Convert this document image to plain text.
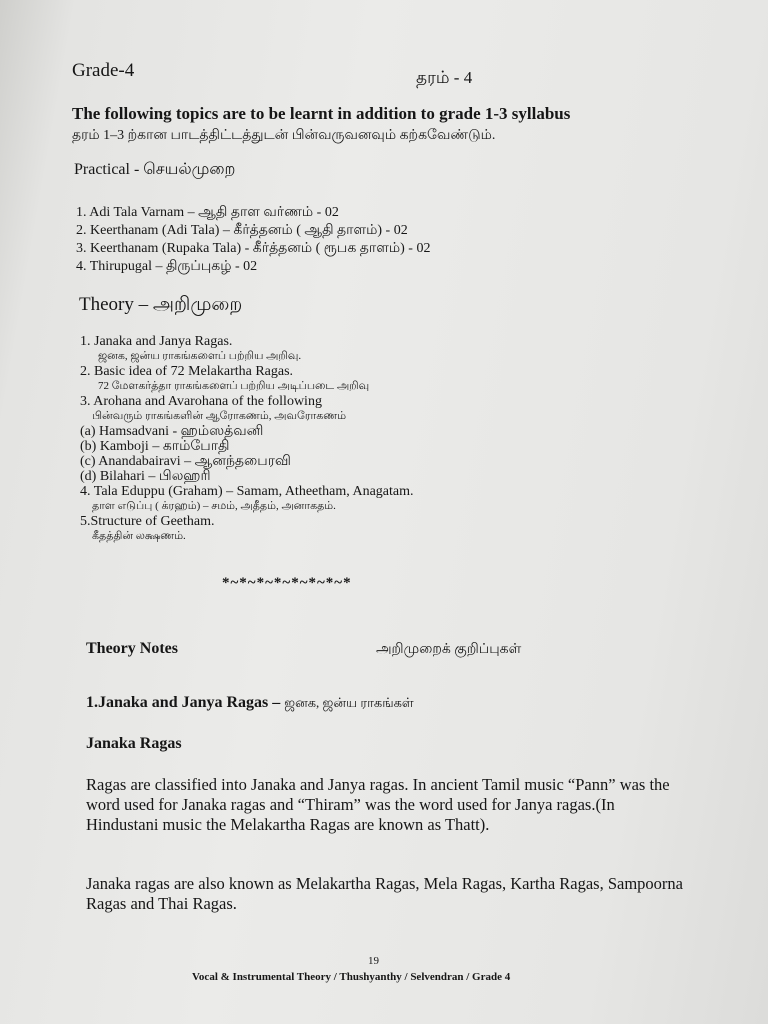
Grade-4	தரம் - 4
The following topics are to be learnt in addition to grade 1-3 syllabus
தரம் 1–3 ற்கான பாடத்திட்டத்துடன் பின்வருவனவும் கற்கவேண்டும்.
Practical - செயல்முறை
1. Adi Tala Varnam – ஆதி தாள வர்ணம் - 02
2. Keerthanam (Adi Tala) – கீர்த்தனம் ( ஆதி தாளம்) - 02
3. Keerthanam (Rupaka Tala) - கீர்த்தனம் ( ரூபக தாளம்) - 02
4. Thirupugal – திருப்புகழ் - 02
Theory – அறிமுறை
1. Janaka and Janya Ragas.
ஜனக, ஜன்ய ராகங்களைப் பற்றிய அறிவு.
2. Basic idea of 72 Melakartha Ragas.
72 மேளகர்த்தா ராகங்களைப் பற்றிய அடிப்படை அறிவு
3. Arohana and Avarohana of the following
பின்வரும் ராகங்களின் ஆரோகணம், அவரோகணம்
(a) Hamsadvani - ஹம்ஸத்வனி
(b) Kamboji – காம்போதி
(c) Anandabairavi – ஆனந்தபைரவி
(d) Bilahari – பிலஹரி
4. Tala Eduppu (Graham) – Samam, Atheetham, Anagatam.
தாள எடுப்பு ( க்ரஹம்) – சமம், அதீதம், அனாகதம்.
5.Structure of Geetham.
கீதத்தின் லக்ஷணம்.
*~*~*~*~*~*~*~*
Theory Notes	அறிமுறைக் குறிப்புகள்
1.Janaka and Janya Ragas – ஜனக, ஜன்ய ராகங்கள்
Janaka Ragas
Ragas are classified into Janaka and Janya ragas. In ancient Tamil music “Pann” was the word used for Janaka ragas and “Thiram” was the word used for Janya ragas.(In Hindustani music the Melakartha Ragas are known as Thatt).
Janaka ragas are also known as Melakartha Ragas, Mela Ragas, Kartha Ragas, Sampoorna Ragas and Thai Ragas.
19
Vocal & Instrumental Theory / Thushyanthy / Selvendran / Grade 4
